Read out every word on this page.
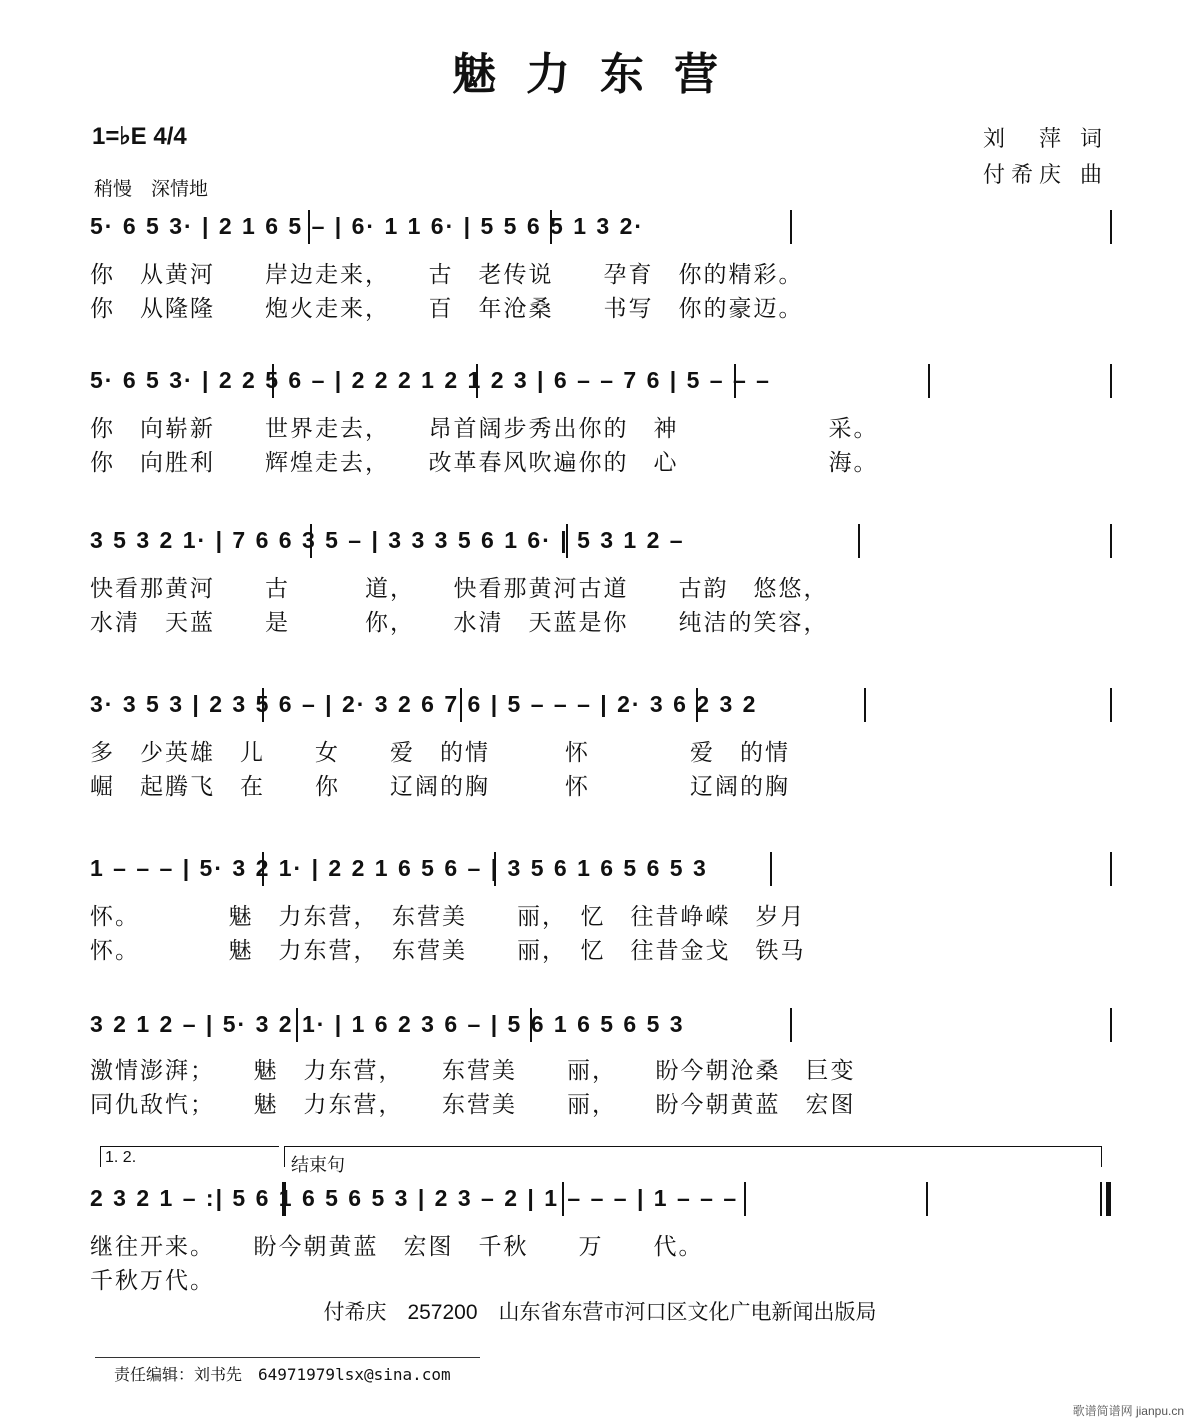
魅力东营
1=♭E 4/4
稍慢　深情地
刘　萍 词
付希庆 曲
5· 6 5 3· | 2 1 6 5 – | 6· 1 1 6· | 5 5 6 5 1 3 2·
你　从黄河　　岸边走来，　　古　老传说　　孕育　你的精彩。
你　从隆隆　　炮火走来，　　百　年沧桑　　书写　你的豪迈。
5· 6 5 3· | 2 2 5 6 – | 2 2 2 1 2 1 2 3 | 6 – – 7 6 | 5 – – –
你　向崭新　　世界走去，　　昂首阔步秀出你的　神　　　　　　采。
你　向胜利　　辉煌走去，　　改革春风吹遍你的　心　　　　　　海。
3 5 3 2 1· | 7 6 6 3 5 – | 3 3 3 5 6 1 6· | 5 3 1 2 –
快看那黄河　　古　　　道，　　快看那黄河古道　　古韵　悠悠，
水清　天蓝　　是　　　你，　　水清　天蓝是你　　纯洁的笑容，
3· 3 5 3 | 2 3 5 6 – | 2· 3 2 6 7 6 | 5 – – – | 2· 3 6 2 3 2
多　少英雄　儿　　女　　爱　的情　　　怀　　　　爱　的情
崛　起腾飞　在　　你　　辽阔的胸　　　怀　　　　辽阔的胸
1 – – – | 5· 3 2 1· | 2 2 1 6 5 6 – | 3 5 6 1 6 5 6 5 3
怀。　　　　魅　力东营，　东营美　　丽，　忆　往昔峥嵘　岁月
怀。　　　　魅　力东营，　东营美　　丽，　忆　往昔金戈　铁马
3 2 1 2 – | 5· 3 2 1· | 1 6 2 3 6 – | 5 6 1 6 5 6 5 3
激情澎湃；　　魅　力东营，　　东营美　　丽，　　盼今朝沧桑　巨变
同仇敌忾；　　魅　力东营，　　东营美　　丽，　　盼今朝黄蓝　宏图
1. 2.	结束句
2 3 2 1 – :| 5 6 1 6 5 6 5 3 | 2 3 – 2 | 1 – – – | 1 – – –
继往开来。　　盼今朝黄蓝　宏图　千秋　　万　　代。
千秋万代。
付希庆　257200　山东省东营市河口区文化广电新闻出版局
责任编辑：刘书先　64971979lsx@sina.com
歌谱简谱网 jianpu.cn
